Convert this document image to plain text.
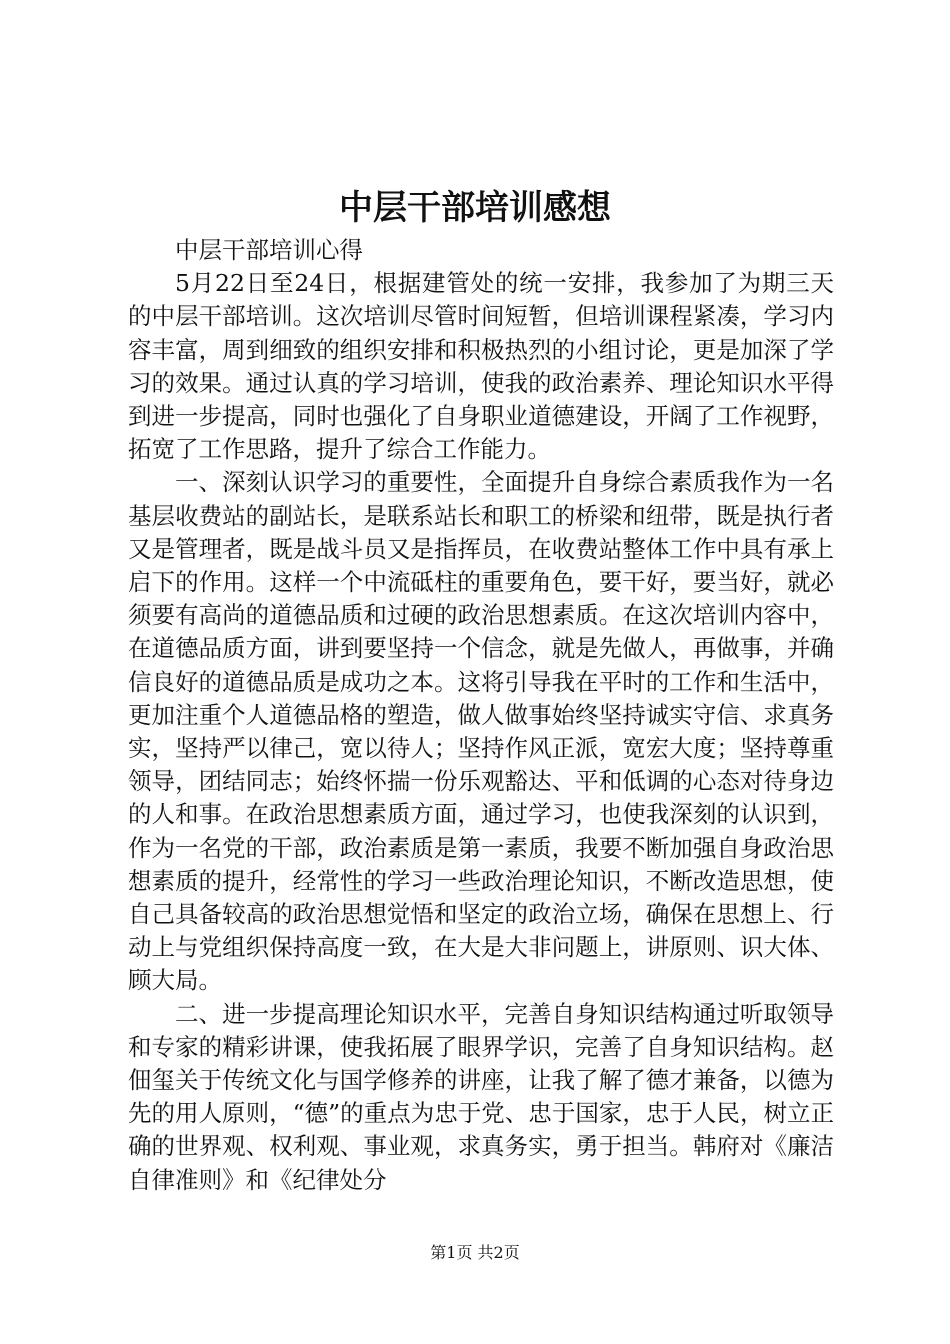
中层干部培训感想

中层干部培训心得

5月22日至24日，根据建管处的统一安排，我参加了为期三天的中层干部培训。这次培训尽管时间短暂，但培训课程紧凑，学习内容丰富，周到细致的组织安排和积极热烈的小组讨论，更是加深了学习的效果。通过认真的学习培训，使我的政治素养、理论知识水平得到进一步提高，同时也强化了自身职业道德建设，开阔了工作视野，拓宽了工作思路，提升了综合工作能力。

一、深刻认识学习的重要性，全面提升自身综合素质我作为一名基层收费站的副站长，是联系站长和职工的桥梁和纽带，既是执行者又是管理者，既是战斗员又是指挥员，在收费站整体工作中具有承上启下的作用。这样一个中流砥柱的重要角色，要干好，要当好，就必须要有高尚的道德品质和过硬的政治思想素质。在这次培训内容中，在道德品质方面，讲到要坚持一个信念，就是先做人，再做事，并确信良好的道德品质是成功之本。这将引导我在平时的工作和生活中，更加注重个人道德品格的塑造，做人做事始终坚持诚实守信、求真务实，坚持严以律己，宽以待人；坚持作风正派，宽宏大度；坚持尊重领导，团结同志；始终怀揣一份乐观豁达、平和低调的心态对待身边的人和事。在政治思想素质方面，通过学习，也使我深刻的认识到，作为一名党的干部，政治素质是第一素质，我要不断加强自身政治思想素质的提升，经常性的学习一些政治理论知识，不断改造思想，使自己具备较高的政治思想觉悟和坚定的政治立场，确保在思想上、行动上与党组织保持高度一致，在大是大非问题上，讲原则、识大体、顾大局。

二、进一步提高理论知识水平，完善自身知识结构通过听取领导和专家的精彩讲课，使我拓展了眼界学识，完善了自身知识结构。赵佃玺关于传统文化与国学修养的讲座，让我了解了德才兼备，以德为先的用人原则，“德”的重点为忠于党、忠于国家，忠于人民，树立正确的世界观、权利观、事业观，求真务实，勇于担当。韩府对《廉洁自律准则》和《纪律处分

第1页 共2页
